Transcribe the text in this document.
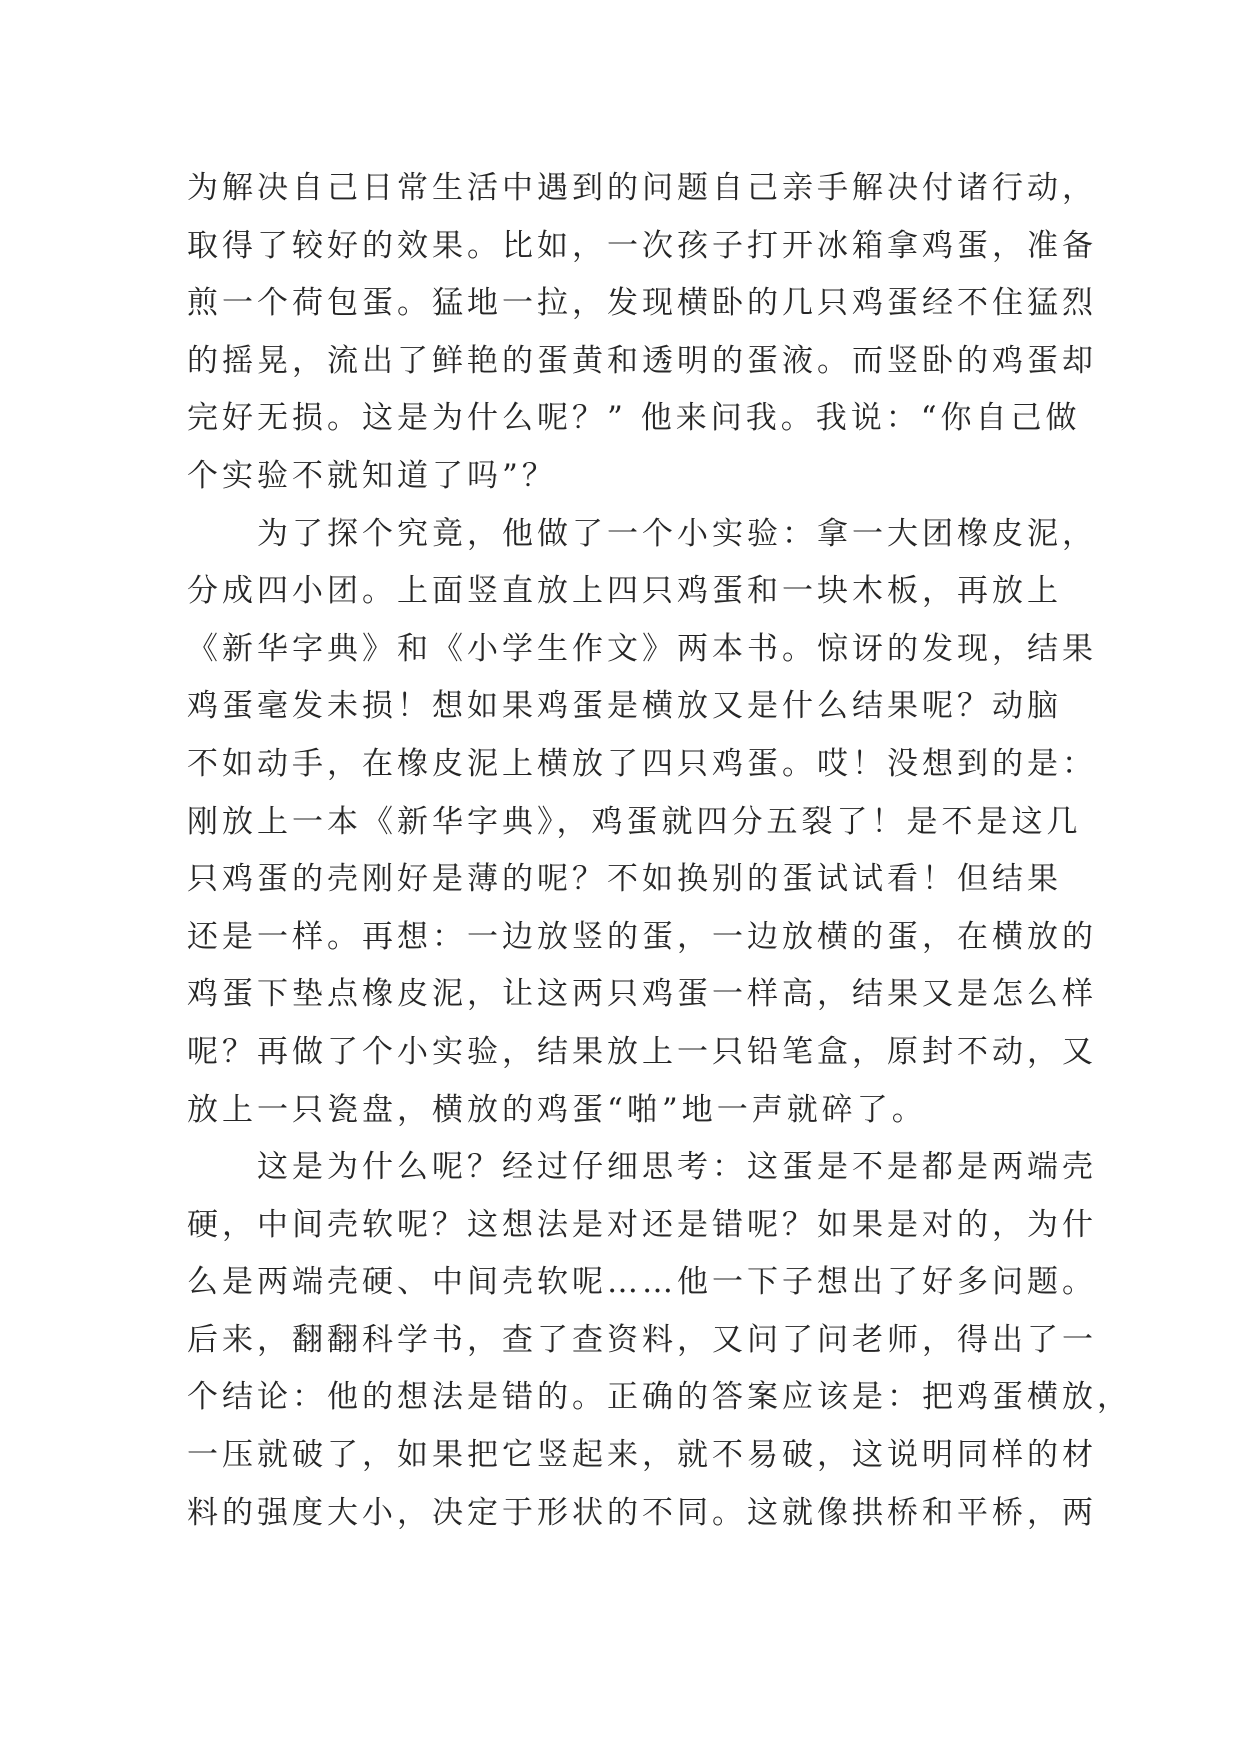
为解决自己日常生活中遇到的问题自己亲手解决付诸行动，
取得了较好的效果。比如，一次孩子打开冰箱拿鸡蛋，准备
煎一个荷包蛋。猛地一拉，发现横卧的几只鸡蛋经不住猛烈
的摇晃，流出了鲜艳的蛋黄和透明的蛋液。而竖卧的鸡蛋却
完好无损。这是为什么呢？” 他来问我。我说：“你自己做
个实验不就知道了吗”？
为了探个究竟，他做了一个小实验：拿一大团橡皮泥，
分成四小团。上面竖直放上四只鸡蛋和一块木板，再放上
《新华字典》和《小学生作文》两本书。惊讶的发现，结果
鸡蛋毫发未损！想如果鸡蛋是横放又是什么结果呢？动脑
不如动手，在橡皮泥上横放了四只鸡蛋。哎！没想到的是：
刚放上一本《新华字典》，鸡蛋就四分五裂了！是不是这几
只鸡蛋的壳刚好是薄的呢？不如换别的蛋试试看！但结果
还是一样。再想：一边放竖的蛋，一边放横的蛋，在横放的
鸡蛋下垫点橡皮泥，让这两只鸡蛋一样高，结果又是怎么样
呢？再做了个小实验，结果放上一只铅笔盒，原封不动，又
放上一只瓷盘，横放的鸡蛋“啪”地一声就碎了。
这是为什么呢？经过仔细思考：这蛋是不是都是两端壳
硬，中间壳软呢？这想法是对还是错呢？如果是对的，为什
么是两端壳硬、中间壳软呢……他一下子想出了好多问题。
后来，翻翻科学书，查了查资料，又问了问老师，得出了一
个结论：他的想法是错的。正确的答案应该是：把鸡蛋横放，
一压就破了，如果把它竖起来，就不易破，这说明同样的材
料的强度大小，决定于形状的不同。这就像拱桥和平桥，两
